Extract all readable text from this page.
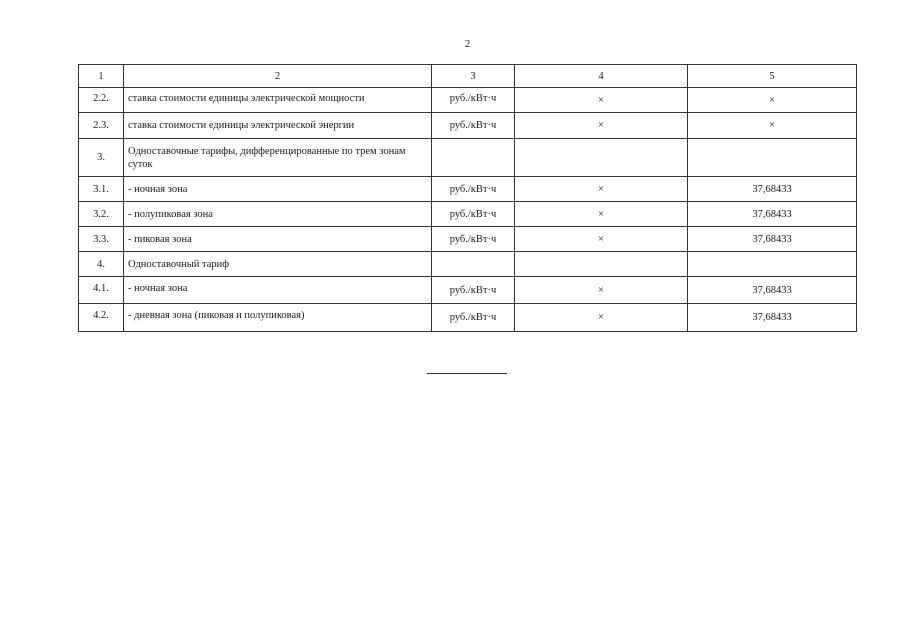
2
1	2	3	4	5
2.2.	ставка стоимости единицы электрической мощности	руб./кВт·ч	×	×
2.3.	ставка стоимости единицы электрической энергии	руб./кВт·ч	×	×
3.	Одноставочные тарифы, дифференцированные по трем зонам суток			
3.1.	- ночная зона	руб./кВт·ч	×	37,68433
3.2.	- полупиковая зона	руб./кВт·ч	×	37,68433
3.3.	- пиковая зона	руб./кВт·ч	×	37,68433
4.	Одноставочный тариф			
4.1.	- ночная зона	руб./кВт·ч	×	37,68433
4.2.	- дневная зона (пиковая и полупиковая)	руб./кВт·ч	×	37,68433
